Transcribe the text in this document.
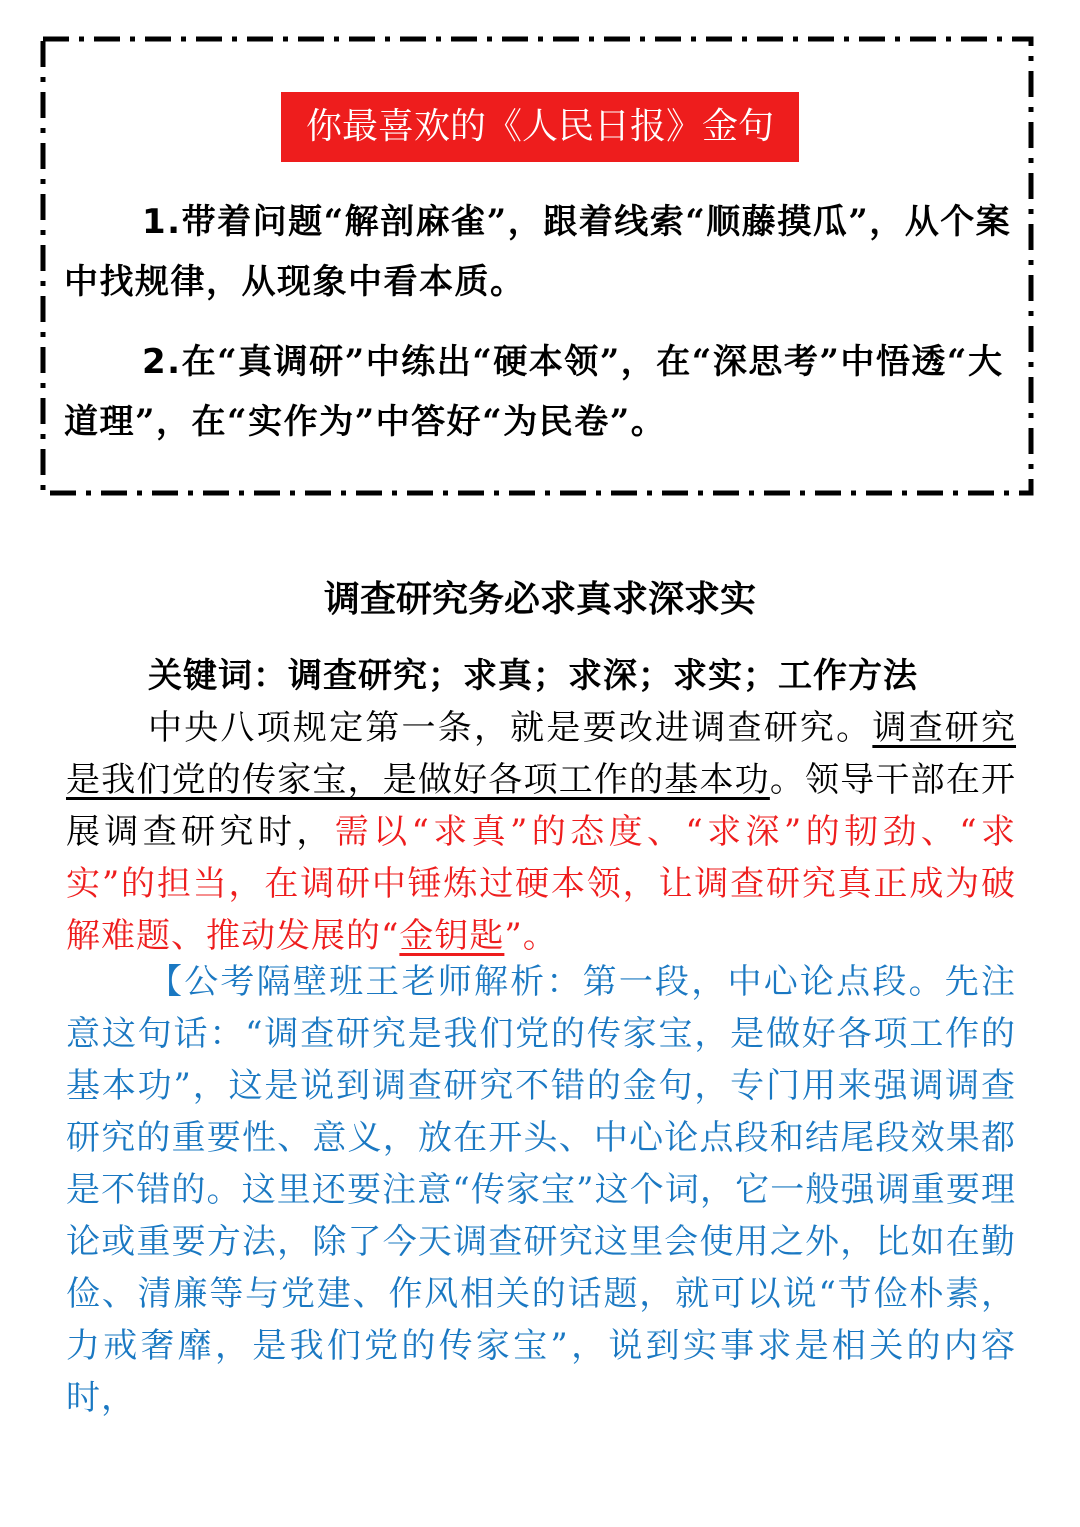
你最喜欢的《人民日报》金句
1.带着问题“解剖麻雀”，跟着线索“顺藤摸瓜”，从个案中找规律，从现象中看本质。
2.在“真调研”中练出“硬本领”，在“深思考”中悟透“大道理”，在“实作为”中答好“为民卷”。
调查研究务必求真求深求实
关键词：调查研究；求真；求深；求实；工作方法
中央八项规定第一条，就是要改进调查研究。调查研究是我们党的传家宝，是做好各项工作的基本功。领导干部在开展调查研究时，需以“求真”的态度、“求深”的韧劲、“求实”的担当，在调研中锤炼过硬本领，让调查研究真正成为破解难题、推动发展的“金钥匙”。
【公考隔壁班王老师解析：第一段，中心论点段。先注意这句话：“调查研究是我们党的传家宝，是做好各项工作的基本功”，这是说到调查研究不错的金句，专门用来强调调查研究的重要性、意义，放在开头、中心论点段和结尾段效果都是不错的。这里还要注意“传家宝”这个词，它一般强调重要理论或重要方法，除了今天调查研究这里会使用之外，比如在勤俭、清廉等与党建、作风相关的话题，就可以说“节俭朴素，力戒奢靡，是我们党的传家宝”，说到实事求是相关的内容时，
